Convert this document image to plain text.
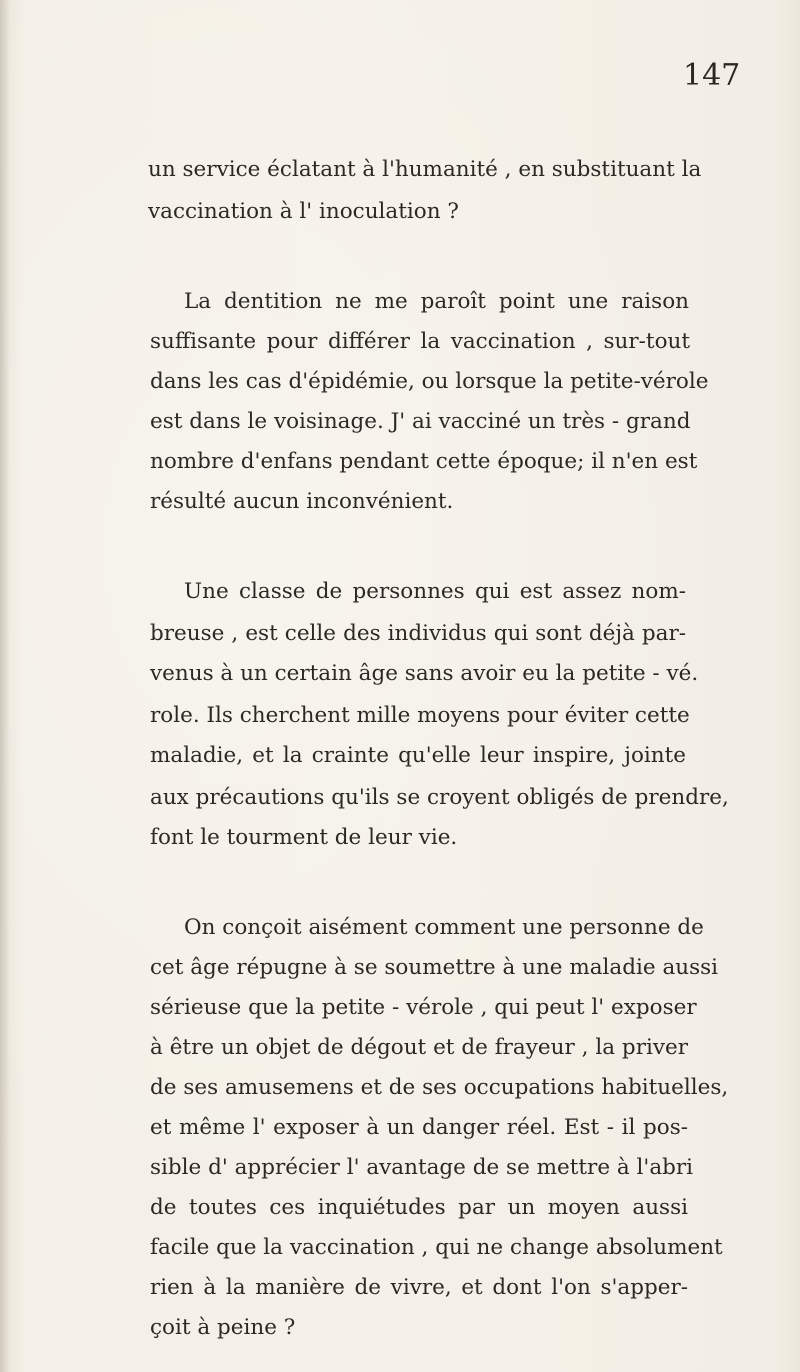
147
un service éclatant à l'humanité , en substituant la
vaccination à l' inoculation ?
La dentition ne me paroît point une raison
suffisante pour différer la vaccination , sur-tout
dans les cas d'épidémie, ou lorsque la petite-vérole
est dans le voisinage. J' ai vacciné un très - grand
nombre d'enfans pendant cette époque; il n'en est
résulté aucun inconvénient.
Une classe de personnes qui est assez nom-
breuse , est celle des individus qui sont déjà par-
venus à un certain âge sans avoir eu la petite - vé.
role. Ils cherchent mille moyens pour éviter cette
maladie, et la crainte qu'elle leur inspire, jointe
aux précautions qu'ils se croyent obligés de prendre,
font le tourment de leur vie.
On conçoit aisément comment une personne de
cet âge répugne à se soumettre à une maladie aussi
sérieuse que la petite - vérole , qui peut l' exposer
à être un objet de dégout et de frayeur , la priver
de ses amusemens et de ses occupations habituelles,
et même l' exposer à un danger réel. Est - il pos-
sible d' apprécier l' avantage de se mettre à l'abri
de toutes ces inquiétudes par un moyen aussi
facile que la vaccination , qui ne change absolument
rien à la manière de vivre, et dont l'on s'apper-
çoit à peine ?
